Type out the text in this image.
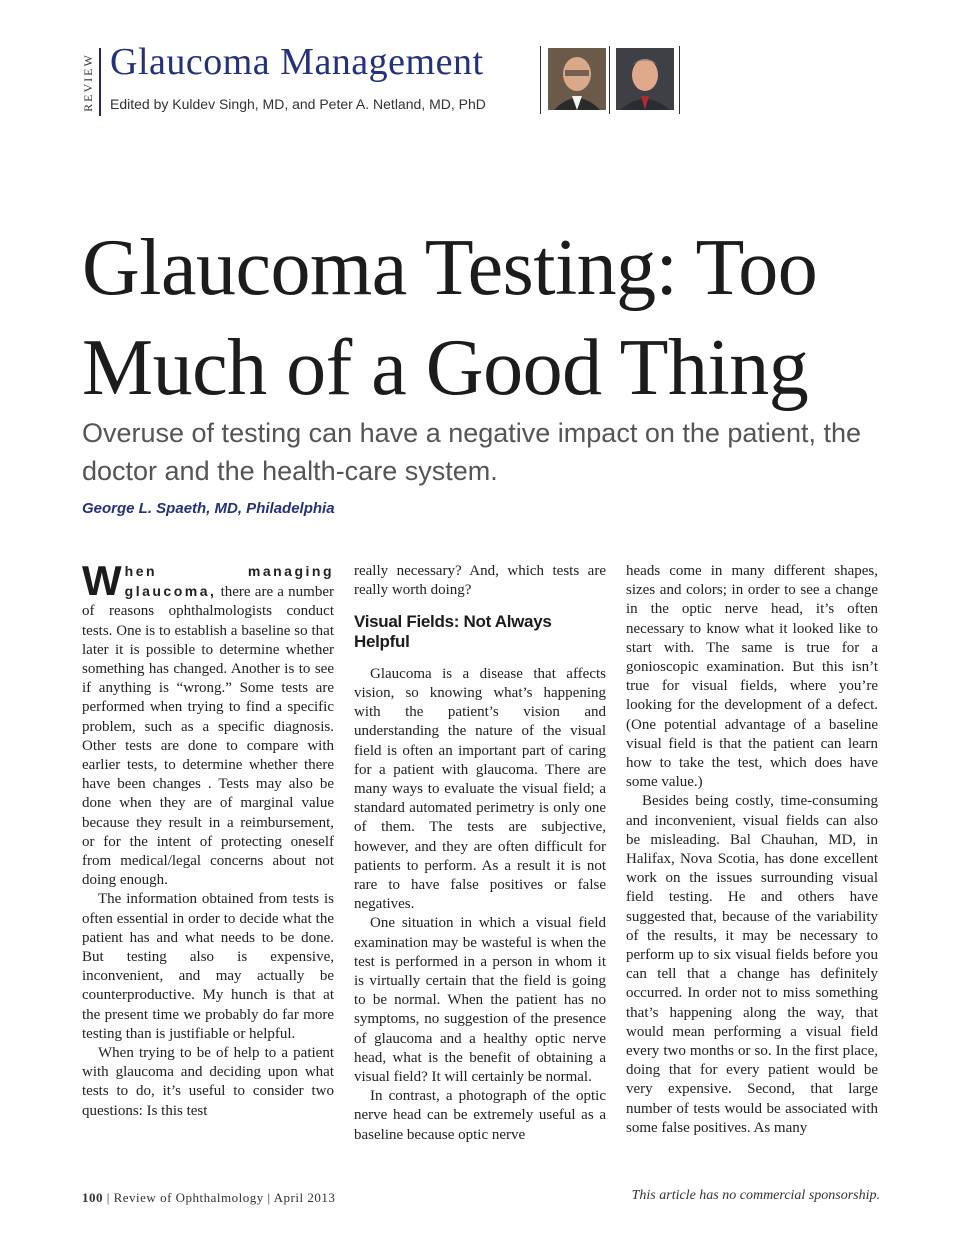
REVIEW Glaucoma Management
Edited by Kuldev Singh, MD, and Peter A. Netland, MD, PhD
Glaucoma Testing: Too Much of a Good Thing
Overuse of testing can have a negative impact on the patient, the doctor and the health-care system.
George L. Spaeth, MD, Philadelphia

When managing glaucoma, there are a number of reasons ophthalmologists conduct tests. One is to establish a baseline so that later it is possible to determine whether something has changed. Another is to see if anything is “wrong.” Some tests are performed when trying to find a specific problem, such as a specific diagnosis. Other tests are done to compare with earlier tests, to determine whether there have been changes . Tests may also be done when they are of marginal value because they result in a reimbursement, or for the intent of protecting oneself from medical/legal concerns about not doing enough.

The information obtained from tests is often essential in order to decide what the patient has and what needs to be done. But testing also is expensive, inconvenient, and may actually be counterproductive. My hunch is that at the present time we probably do far more testing than is justifiable or helpful.

When trying to be of help to a patient with glaucoma and deciding upon what tests to do, it’s useful to consider two questions: Is this test

really necessary? And, which tests are really worth doing?

Visual Fields: Not Always Helpful

Glaucoma is a disease that affects vision, so knowing what’s happening with the patient’s vision and understanding the nature of the visual field is often an important part of caring for a patient with glaucoma. There are many ways to evaluate the visual field; a standard automated perimetry is only one of them. The tests are subjective, however, and they are often difficult for patients to perform. As a result it is not rare to have false positives or false negatives.

One situation in which a visual field examination may be wasteful is when the test is performed in a person in whom it is virtually certain that the field is going to be normal. When the patient has no symptoms, no suggestion of the presence of glaucoma and a healthy optic nerve head, what is the benefit of obtaining a visual field? It will certainly be normal.

In contrast, a photograph of the optic nerve head can be extremely useful as a baseline because optic nerve

heads come in many different shapes, sizes and colors; in order to see a change in the optic nerve head, it’s often necessary to know what it looked like to start with. The same is true for a gonioscopic examination. But this isn’t true for visual fields, where you’re looking for the development of a defect. (One potential advantage of a baseline visual field is that the patient can learn how to take the test, which does have some value.)

Besides being costly, time-consuming and inconvenient, visual fields can also be misleading. Bal Chauhan, MD, in Halifax, Nova Scotia, has done excellent work on the issues surrounding visual field testing. He and others have suggested that, because of the variability of the results, it may be necessary to perform up to six visual fields before you can tell that a change has definitely occurred. In order not to miss something that’s happening along the way, that would mean performing a visual field every two months or so. In the first place, doing that for every patient would be very expensive. Second, that large number of tests would be associated with some false positives. As many

100 | Review of Ophthalmology | April 2013	This article has no commercial sponsorship.
